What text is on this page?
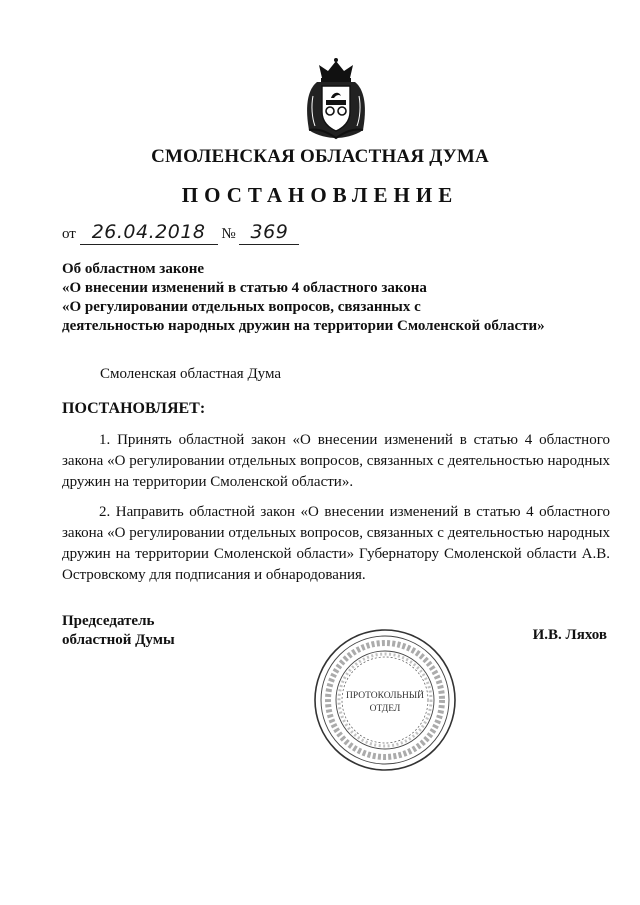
СМОЛЕНСКАЯ ОБЛАСТНАЯ ДУМА
ПОСТАНОВЛЕНИЕ
от 26.04.2018 № 369
Об областном законе
«О внесении изменений в статью 4 областного закона
«О регулировании отдельных вопросов, связанных с
деятельностью народных дружин на территории Смоленской области»
Смоленская областная Дума
ПОСТАНОВЛЯЕТ:
1. Принять областной закон «О внесении изменений в статью 4 областного закона «О регулировании отдельных вопросов, связанных с деятельностью народных дружин на территории Смоленской области».
2. Направить областной закон «О внесении изменений в статью 4 областного закона «О регулировании отдельных вопросов, связанных с деятельностью народных дружин на территории Смоленской области» Губернатору Смоленской области А.В. Островскому для подписания и обнародования.
Председатель
областной Думы	И.В. Ляхов
ПРОТОКОЛЬНЫЙ
ОТДЕЛ
